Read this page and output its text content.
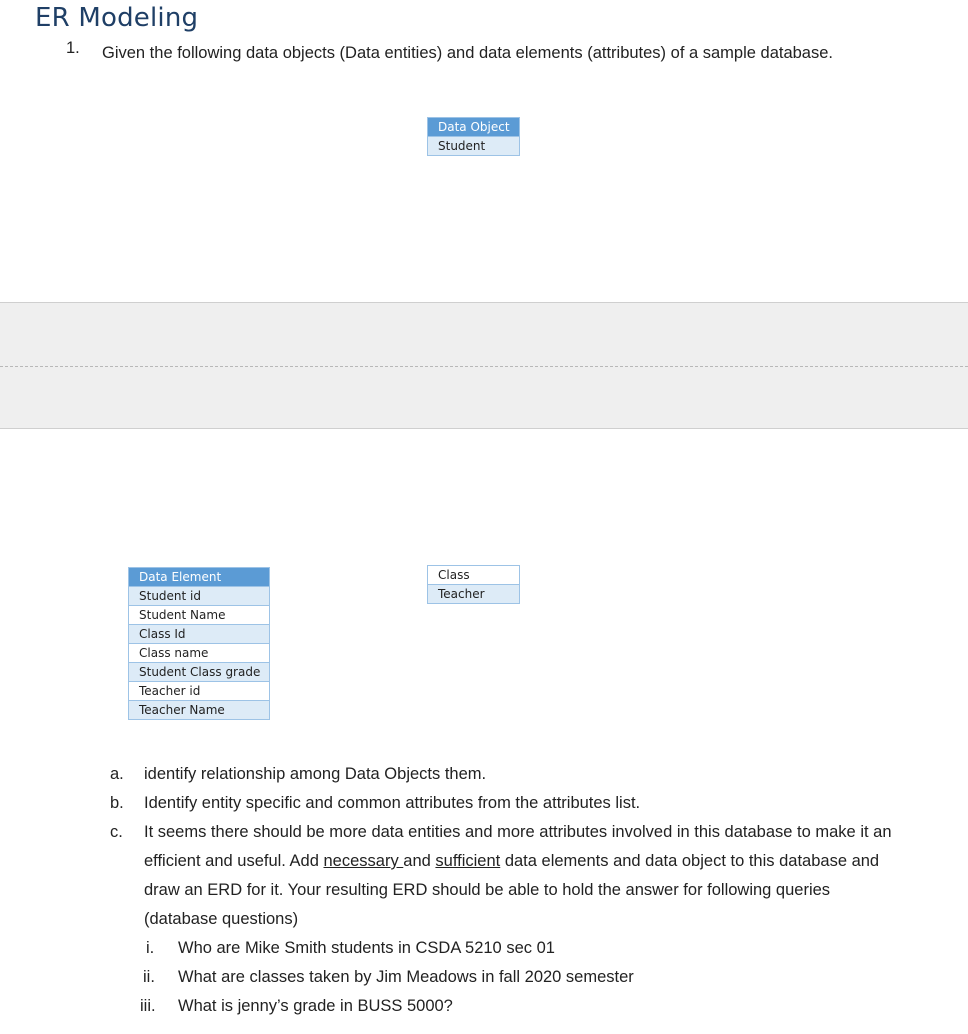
ER Modeling
1. Given the following data objects (Data entities) and data elements (attributes) of a sample database.
Data Object
Student
Data Element
Student id
Student Name
Class Id
Class name
Student Class grade
Teacher id
Teacher Name
Class
Teacher
a. identify relationship among Data Objects them.
b. Identify entity specific and common attributes from the attributes list.
c. It seems there should be more data entities and more attributes involved in this database to make it an efficient and useful. Add necessary and sufficient data elements and data object to this database and draw an ERD for it. Your resulting ERD should be able to hold the answer for following queries (database questions)
i. Who are Mike Smith students in CSDA 5210 sec 01
ii. What are classes taken by Jim Meadows in fall 2020 semester
iii. What is jenny’s grade in BUSS 5000?
